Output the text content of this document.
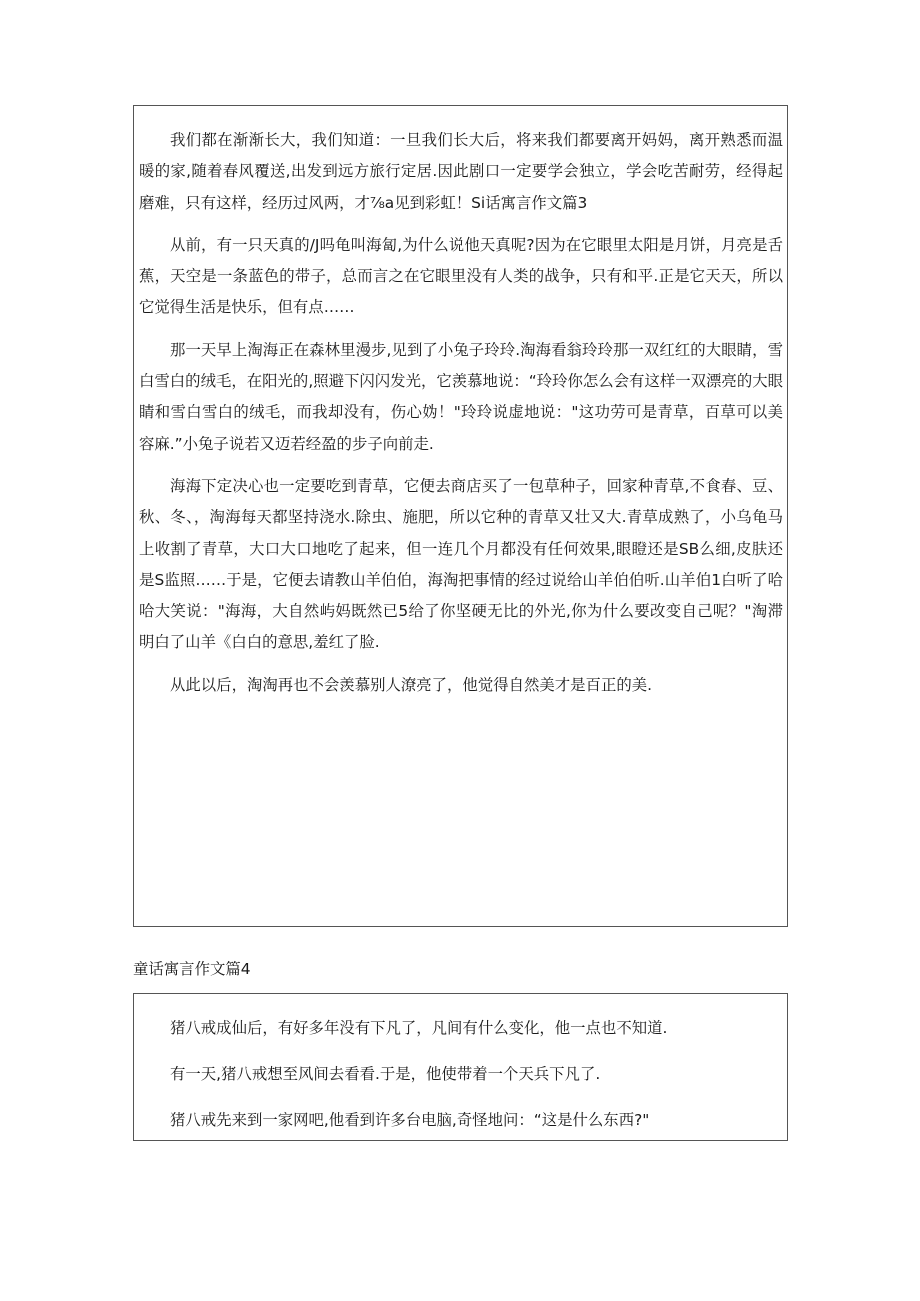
我们都在渐渐长大，我们知道：一旦我们长大后，将来我们都要离开妈妈，离开熟悉而温暖的家,随着春风覆送,出发到远方旅行定居.因此剧口一定要学会独立，学会吃苦耐劳，经得起磨难，只有这样，经历过风两，才⅞a见到彩虹！Si话寓言作文篇3

从前，有一只天真的/J吗龟叫海匐,为什么说他天真呢?因为在它眼里太阳是月饼，月亮是舌蕉，天空是一条蓝色的带子，总而言之在它眼里没有人类的战争，只有和平.正是它天天，所以它觉得生活是快乐，但有点……

那一天早上淘海正在森林里漫步,见到了小兔子玲玲.淘海看翁玲玲那一双红红的大眼睛，雪白雪白的绒毛，在阳光的,照避下闪闪发光，它羡慕地说：“玲玲你怎么会有这样一双漂亮的大眼睛和雪白雪白的绒毛，而我却没有，伤心妫！"玲玲说虚地说："这功劳可是青草，百草可以美容麻.”小兔子说若又迈若经盈的步子向前走.

海海下定决心也一定要吃到青草，它便去商店买了一包草种子，回家种青草,不食春、豆、秋、冬、，淘海每天都坚持浇水.除虫、施肥，所以它种的青草又壮又大.青草成熟了，小乌龟马上收割了青草，大口大口地吃了起来，但一连几个月都没有任何效果,眼瞪还是SB么细,皮肤还是S监照……于是，它便去请教山羊伯伯，海淘把事情的经过说给山羊伯伯听.山羊伯1白听了哈哈大笑说："海海，大自然屿妈既然已5给了你坚硬无比的外光,你为什么要改变自己呢？"淘滞明白了山羊《白白的意思,羞红了脸.

从此以后，淘淘再也不会羡慕别人潦亮了，他觉得自然美才是百正的美.

童话寓言作文篇4

猪八戒成仙后，有好多年没有下凡了，凡间有什么变化，他一点也不知道.

有一天,猪八戒想至风间去看看.于是，他使带着一个天兵下凡了.

猪八戒先来到一家网吧,他看到许多台电脑,奇怪地问：“这是什么东西?"
